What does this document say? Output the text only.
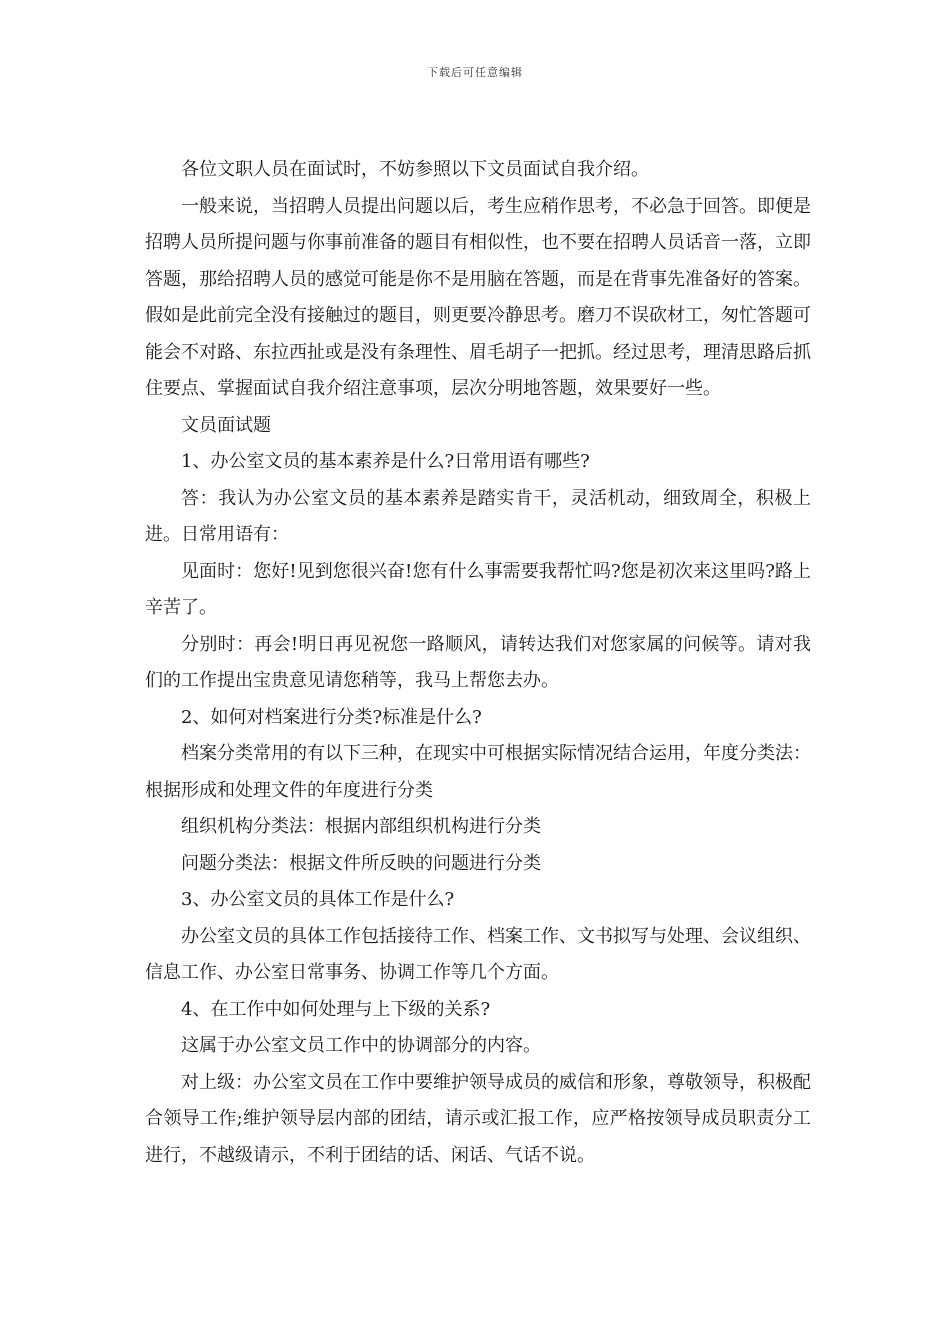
下载后可任意编辑

各位文职人员在面试时，不妨参照以下文员面试自我介绍。

一般来说，当招聘人员提出问题以后，考生应稍作思考，不必急于回答。即便是招聘人员所提问题与你事前准备的题目有相似性，也不要在招聘人员话音一落，立即答题，那给招聘人员的感觉可能是你不是用脑在答题，而是在背事先准备好的答案。假如是此前完全没有接触过的题目，则更要冷静思考。磨刀不误砍材工，匆忙答题可能会不对路、东拉西扯或是没有条理性、眉毛胡子一把抓。经过思考，理清思路后抓住要点、掌握面试自我介绍注意事项，层次分明地答题，效果要好一些。

文员面试题

1、办公室文员的基本素养是什么?日常用语有哪些?

答：我认为办公室文员的基本素养是踏实肯干，灵活机动，细致周全，积极上进。日常用语有：

见面时：您好!见到您很兴奋!您有什么事需要我帮忙吗?您是初次来这里吗?路上辛苦了。

分别时：再会!明日再见祝您一路顺风，请转达我们对您家属的问候等。请对我们的工作提出宝贵意见请您稍等，我马上帮您去办。

2、如何对档案进行分类?标准是什么?

档案分类常用的有以下三种，在现实中可根据实际情况结合运用，年度分类法：根据形成和处理文件的年度进行分类

组织机构分类法：根据内部组织机构进行分类

问题分类法：根据文件所反映的问题进行分类

3、办公室文员的具体工作是什么?

办公室文员的具体工作包括接待工作、档案工作、文书拟写与处理、会议组织、信息工作、办公室日常事务、协调工作等几个方面。

4、在工作中如何处理与上下级的关系?

这属于办公室文员工作中的协调部分的内容。

对上级：办公室文员在工作中要维护领导成员的威信和形象，尊敬领导，积极配合领导工作;维护领导层内部的团结，请示或汇报工作，应严格按领导成员职责分工进行，不越级请示，不利于团结的话、闲话、气话不说。
